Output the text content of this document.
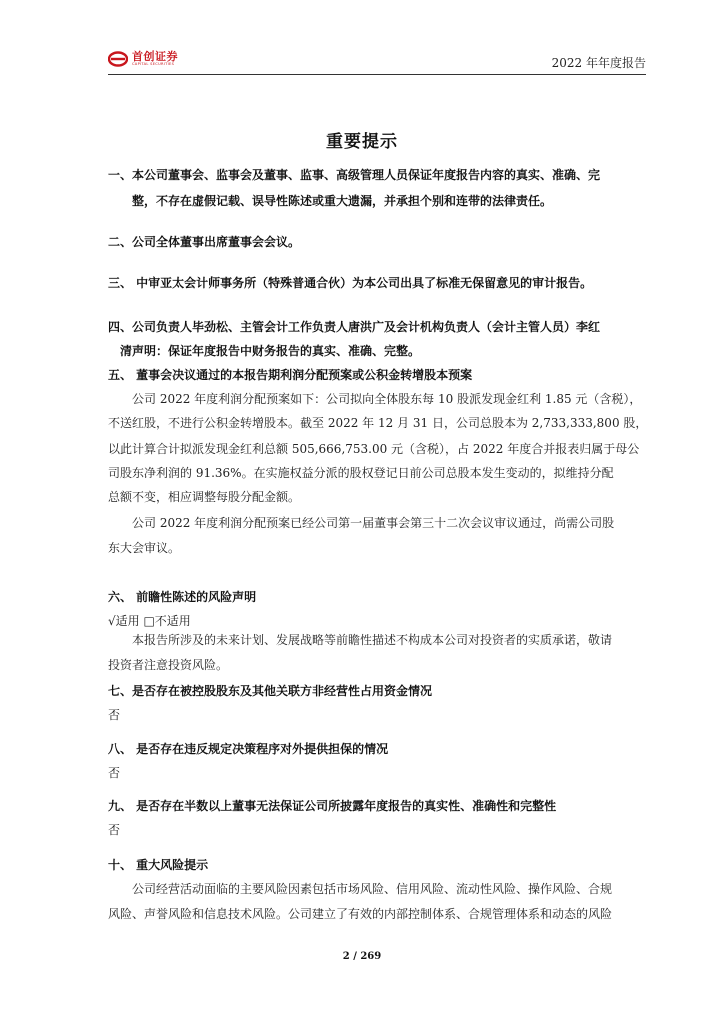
首创证券
CAPITAL SECURITIES	2022 年年度报告
重要提示
一、本公司董事会、监事会及董事、监事、高级管理人员保证年度报告内容的真实、准确、完
整，不存在虚假记载、误导性陈述或重大遗漏，并承担个别和连带的法律责任。
二、公司全体董事出席董事会会议。
三、 中审亚太会计师事务所（特殊普通合伙）为本公司出具了标准无保留意见的审计报告。
四、公司负责人毕劲松、主管会计工作负责人唐洪广及会计机构负责人（会计主管人员）李红
清声明：保证年度报告中财务报告的真实、准确、完整。
五、 董事会决议通过的本报告期利润分配预案或公积金转增股本预案
公司 2022 年度利润分配预案如下：公司拟向全体股东每 10 股派发现金红利 1.85 元（含税），
不送红股，不进行公积金转增股本。截至 2022 年 12 月 31 日，公司总股本为 2,733,333,800 股，
以此计算合计拟派发现金红利总额 505,666,753.00 元（含税），占 2022 年度合并报表归属于母公
司股东净利润的 91.36%。在实施权益分派的股权登记日前公司总股本发生变动的，拟维持分配
总额不变，相应调整每股分配金额。
公司 2022 年度利润分配预案已经公司第一届董事会第三十二次会议审议通过，尚需公司股
东大会审议。
六、 前瞻性陈述的风险声明
√适用 □不适用
本报告所涉及的未来计划、发展战略等前瞻性描述不构成本公司对投资者的实质承诺，敬请
投资者注意投资风险。
七、是否存在被控股股东及其他关联方非经营性占用资金情况
否
八、 是否存在违反规定决策程序对外提供担保的情况
否
九、 是否存在半数以上董事无法保证公司所披露年度报告的真实性、准确性和完整性
否
十、 重大风险提示
公司经营活动面临的主要风险因素包括市场风险、信用风险、流动性风险、操作风险、合规
风险、声誉风险和信息技术风险。公司建立了有效的内部控制体系、合规管理体系和动态的风险
2 / 269
